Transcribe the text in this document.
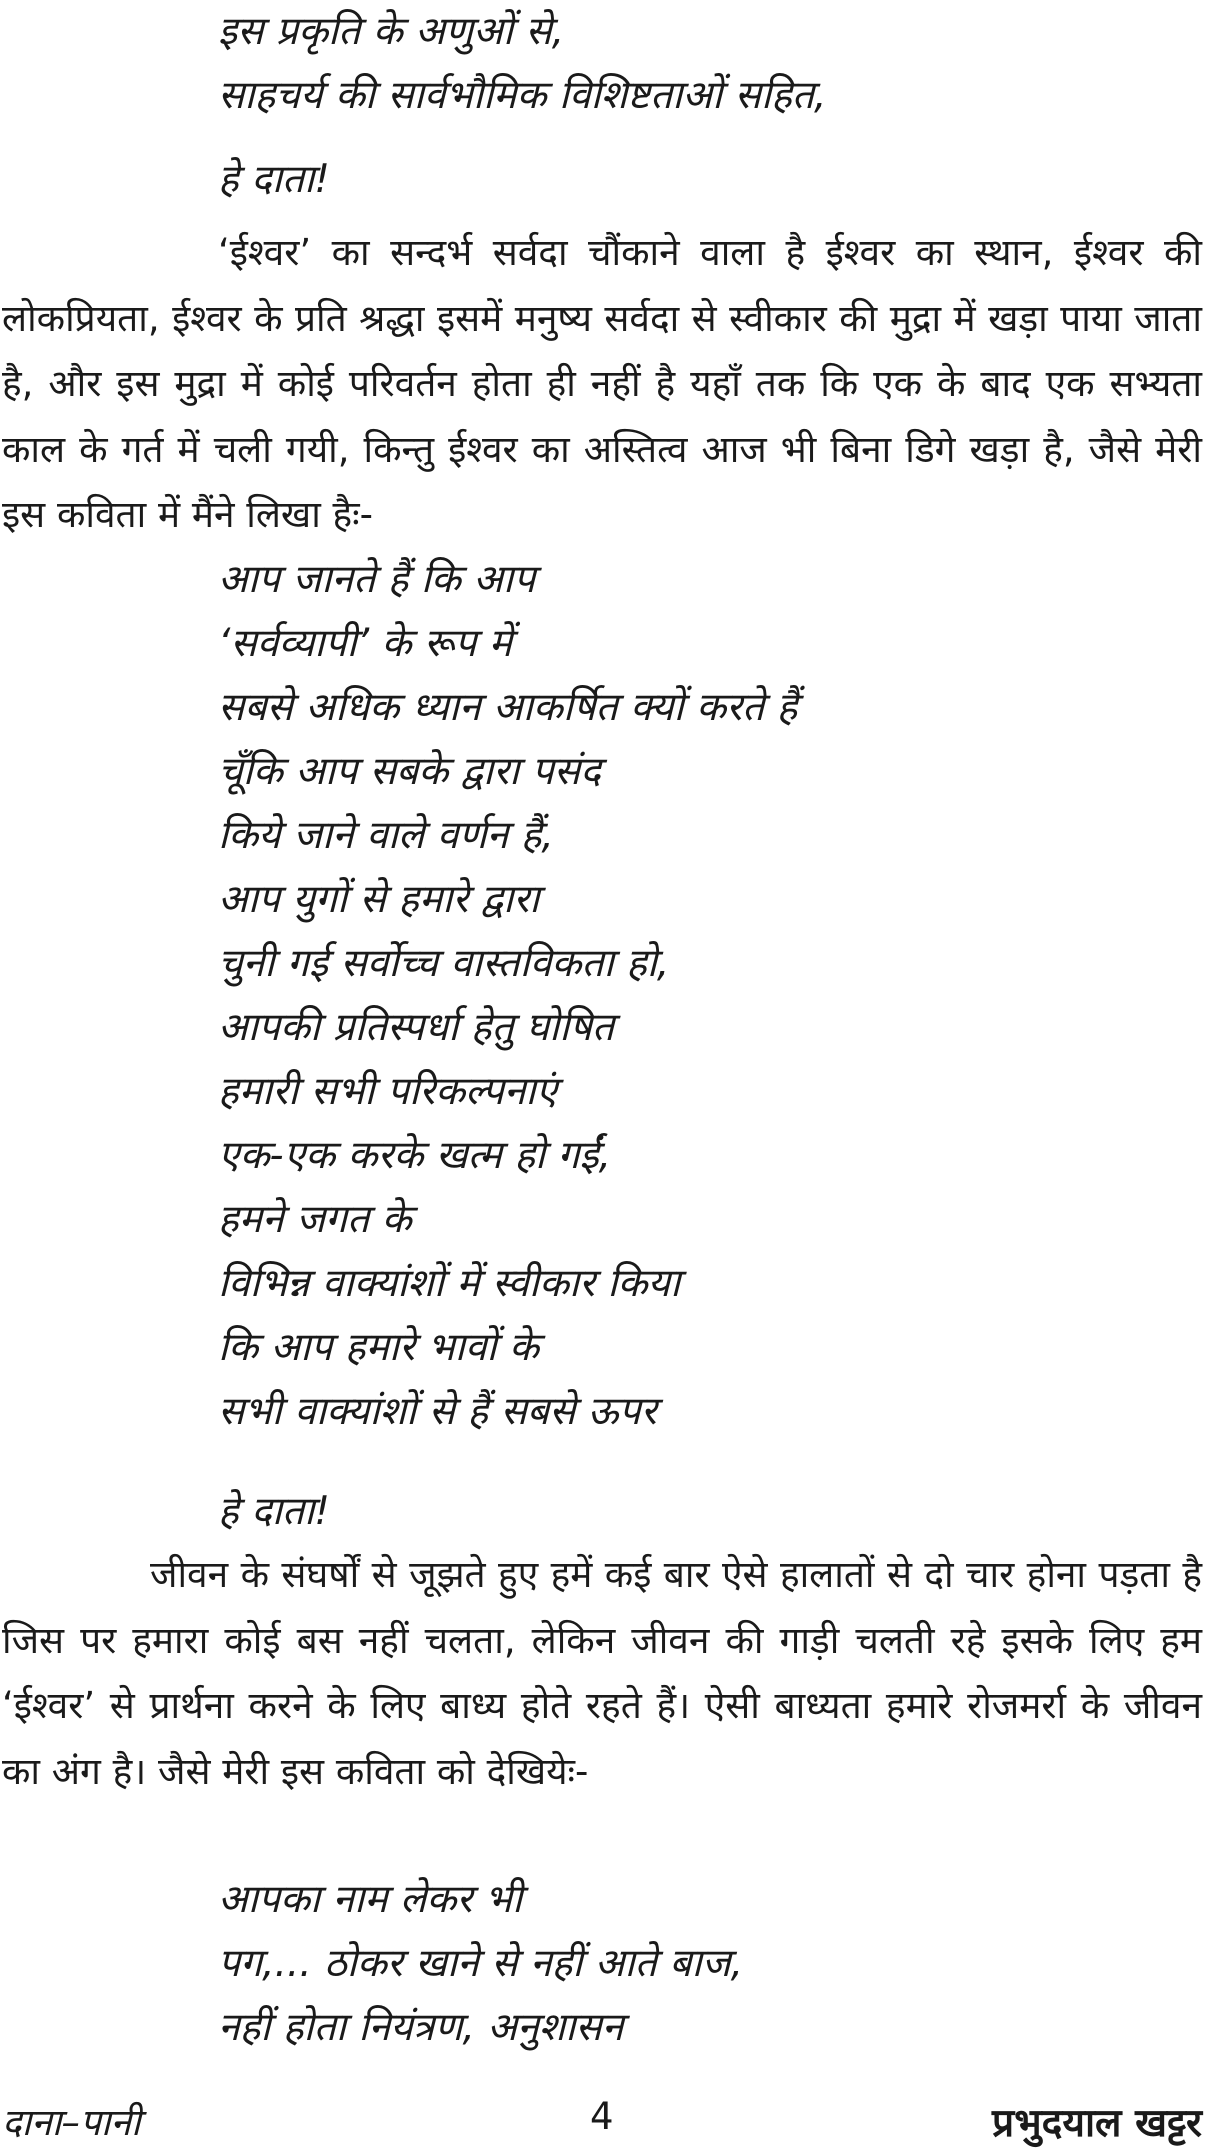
इस प्रकृति के अणुओं से,
साहचर्य की सार्वभौमिक विशिष्टताओं सहित,
हे दाता!

‘ईश्वर’ का सन्दर्भ सर्वदा चौंकाने वाला है ईश्वर का स्थान, ईश्वर की लोकप्रियता, ईश्वर के प्रति श्रद्धा इसमें मनुष्य सर्वदा से स्वीकार की मुद्रा में खड़ा पाया जाता है, और इस मुद्रा में कोई परिवर्तन होता ही नहीं है यहाँ तक कि एक के बाद एक सभ्यता काल के गर्त में चली गयी, किन्तु ईश्वर का अस्तित्व आज भी बिना डिगे खड़ा है, जैसे मेरी इस कविता में मैंने लिखा हैः-

आप जानते हैं कि आप
‘सर्वव्यापी’ के रूप में
सबसे अधिक ध्यान आकर्षित क्यों करते हैं
चूँकि आप सबके द्वारा पसंद
किये जाने वाले वर्णन हैं,
आप युगों से हमारे द्वारा
चुनी गई सर्वोच्च वास्तविकता हो,
आपकी प्रतिस्पर्धा हेतु घोषित
हमारी सभी परिकल्पनाएं
एक-एक करके खत्म हो गईं,
हमने जगत के
विभिन्न वाक्यांशों में स्वीकार किया
कि आप हमारे भावों के
सभी वाक्यांशों से हैं सबसे ऊपर
हे दाता!

जीवन के संघर्षों से जूझते हुए हमें कई बार ऐसे हालातों से दो चार होना पड़ता है जिस पर हमारा कोई बस नहीं चलता, लेकिन जीवन की गाड़ी चलती रहे इसके लिए हम ‘ईश्वर’ से प्रार्थना करने के लिए बाध्य होते रहते हैं। ऐसी बाध्यता हमारे रोजमर्रा के जीवन का अंग है। जैसे मेरी इस कविता को देखियेः-

आपका नाम लेकर भी
पग,... ठोकर खाने से नहीं आते बाज,
नहीं होता नियंत्रण, अनुशासन
दाना–पानी	4	प्रभुदयाल खट्टर
